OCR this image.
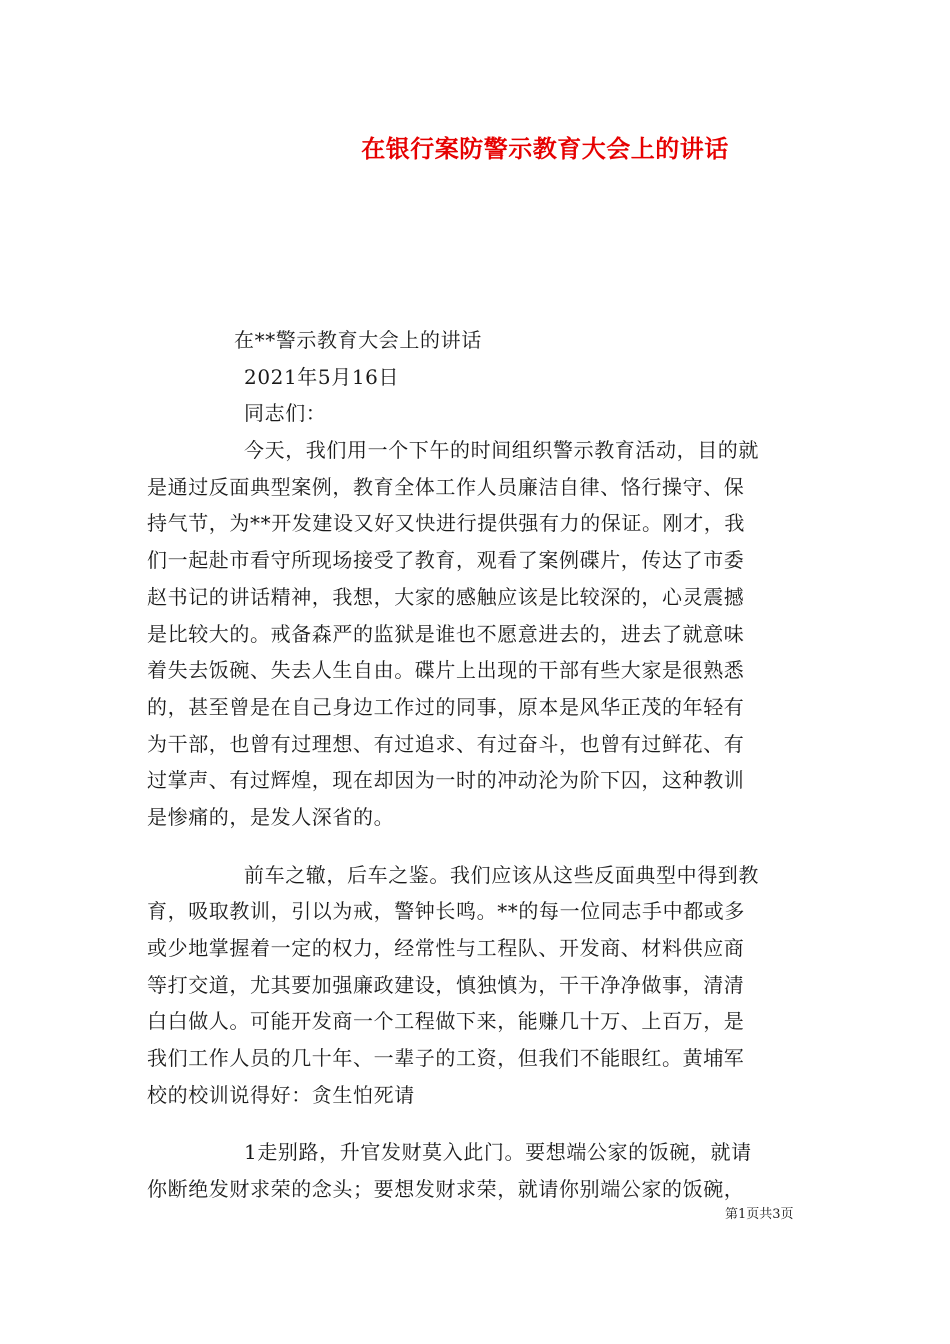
在银行案防警示教育大会上的讲话
在**警示教育大会上的讲话
2021年5月16日
同志们：
今天，我们用一个下午的时间组织警示教育活动，目的就
是通过反面典型案例，教育全体工作人员廉洁自律、恪行操守、保
持气节，为**开发建设又好又快进行提供强有力的保证。刚才，我
们一起赴市看守所现场接受了教育，观看了案例碟片，传达了市委
赵书记的讲话精神，我想，大家的感触应该是比较深的，心灵震撼
是比较大的。戒备森严的监狱是谁也不愿意进去的，进去了就意味
着失去饭碗、失去人生自由。碟片上出现的干部有些大家是很熟悉
的，甚至曾是在自己身边工作过的同事，原本是风华正茂的年轻有
为干部，也曾有过理想、有过追求、有过奋斗，也曾有过鲜花、有
过掌声、有过辉煌，现在却因为一时的冲动沦为阶下囚，这种教训
是惨痛的，是发人深省的。
前车之辙，后车之鉴。我们应该从这些反面典型中得到教
育，吸取教训，引以为戒，警钟长鸣。**的每一位同志手中都或多
或少地掌握着一定的权力，经常性与工程队、开发商、材料供应商
等打交道，尤其要加强廉政建设，慎独慎为，干干净净做事，清清
白白做人。可能开发商一个工程做下来，能赚几十万、上百万，是
我们工作人员的几十年、一辈子的工资，但我们不能眼红。黄埔军
校的校训说得好：贪生怕死请
1走别路，升官发财莫入此门。要想端公家的饭碗，就请
你断绝发财求荣的念头；要想发财求荣，就请你别端公家的饭碗，
第1页共3页
